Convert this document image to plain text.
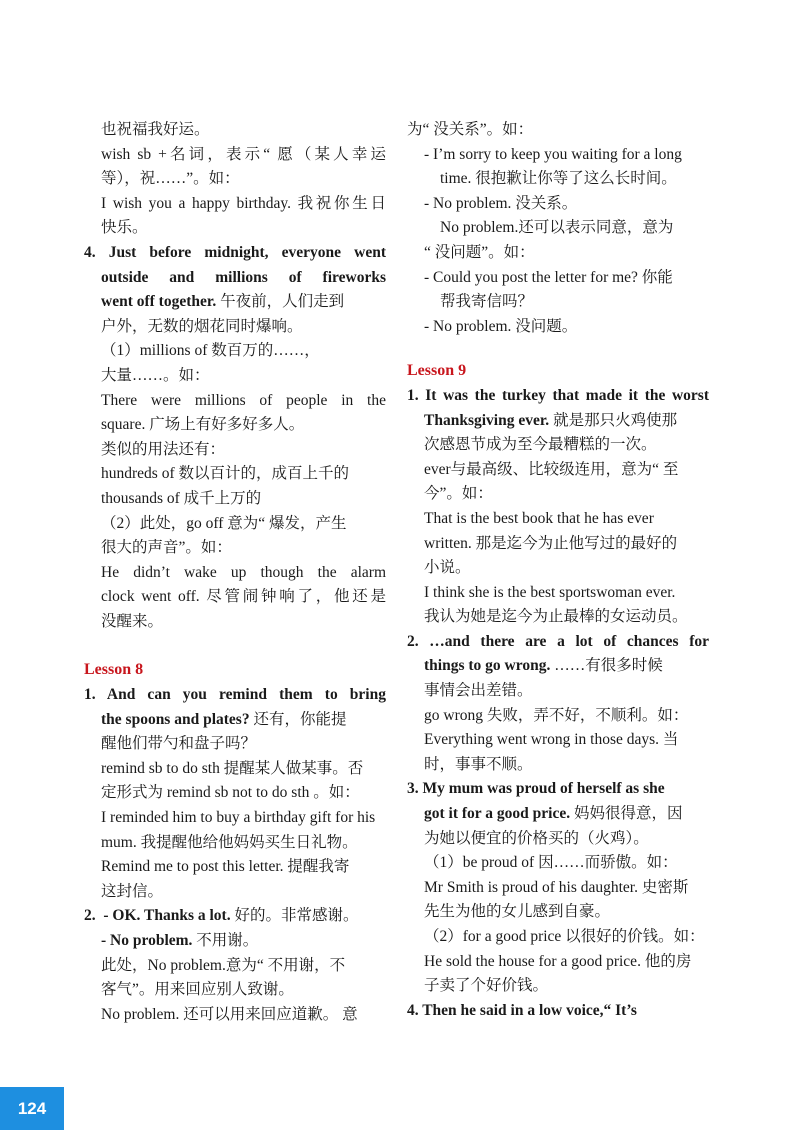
也祝福我好运。
wish sb +名词，表示“ 愿（某人幸运
等），祝……”。如：
I wish you a happy birthday. 我祝你生日
快乐。
4. Just before midnight, everyone went
outside and millions of fireworks
went off together. 午夜前，人们走到
户外，无数的烟花同时爆响。
（1）millions of 数百万的……，
大量……。如：
There were millions of people in the
square. 广场上有好多好多人。
类似的用法还有：
hundreds of 数以百计的，成百上千的
thousands of 成千上万的
（2）此处，go off 意为“ 爆发，产生
很大的声音”。如：
He didn’t wake up though the alarm
clock went off. 尽管闹钟响了，他还是
没醒来。
Lesson 8
1. And can you remind them to bring
the spoons and plates? 还有，你能提
醒他们带勺和盘子吗？
remind sb to do sth 提醒某人做某事。否
定形式为 remind sb not to do sth 。如：
I reminded him to buy a birthday gift for his
mum. 我提醒他给他妈妈买生日礼物。
Remind me to post this letter. 提醒我寄
这封信。
2. - OK. Thanks a lot. 好的。非常感谢。
- No problem. 不用谢。
此处，No problem.意为“ 不用谢，不
客气”。用来回应别人致谢。
No problem. 还可以用来回应道歉。 意
为“ 没关系”。如：
- I’m sorry to keep you waiting for a long
time. 很抱歉让你等了这么长时间。
- No problem. 没关系。
No problem.还可以表示同意，意为
“ 没问题”。如：
- Could you post the letter for me? 你能
帮我寄信吗？
- No problem. 没问题。
Lesson 9
1. It was the turkey that made it the worst
Thanksgiving ever. 就是那只火鸡使那
次感恩节成为至今最糟糕的一次。
ever与最高级、比较级连用，意为“ 至
今”。如：
That is the best book that he has ever
written. 那是迄今为止他写过的最好的
小说。
I think she is the best sportswoman ever.
我认为她是迄今为止最棒的女运动员。
2. …and there are a lot of chances for
things to go wrong. ……有很多时候
事情会出差错。
go wrong 失败，弄不好，不顺利。如：
Everything went wrong in those days. 当
时，事事不顺。
3. My mum was proud of herself as she
got it for a good price. 妈妈很得意，因
为她以便宜的价格买的（火鸡）。
（1）be proud of 因……而骄傲。如：
Mr Smith is proud of his daughter. 史密斯
先生为他的女儿感到自豪。
（2）for a good price 以很好的价钱。如：
He sold the house for a good price. 他的房
子卖了个好价钱。
4. Then he said in a low voice,“ It’s
124
